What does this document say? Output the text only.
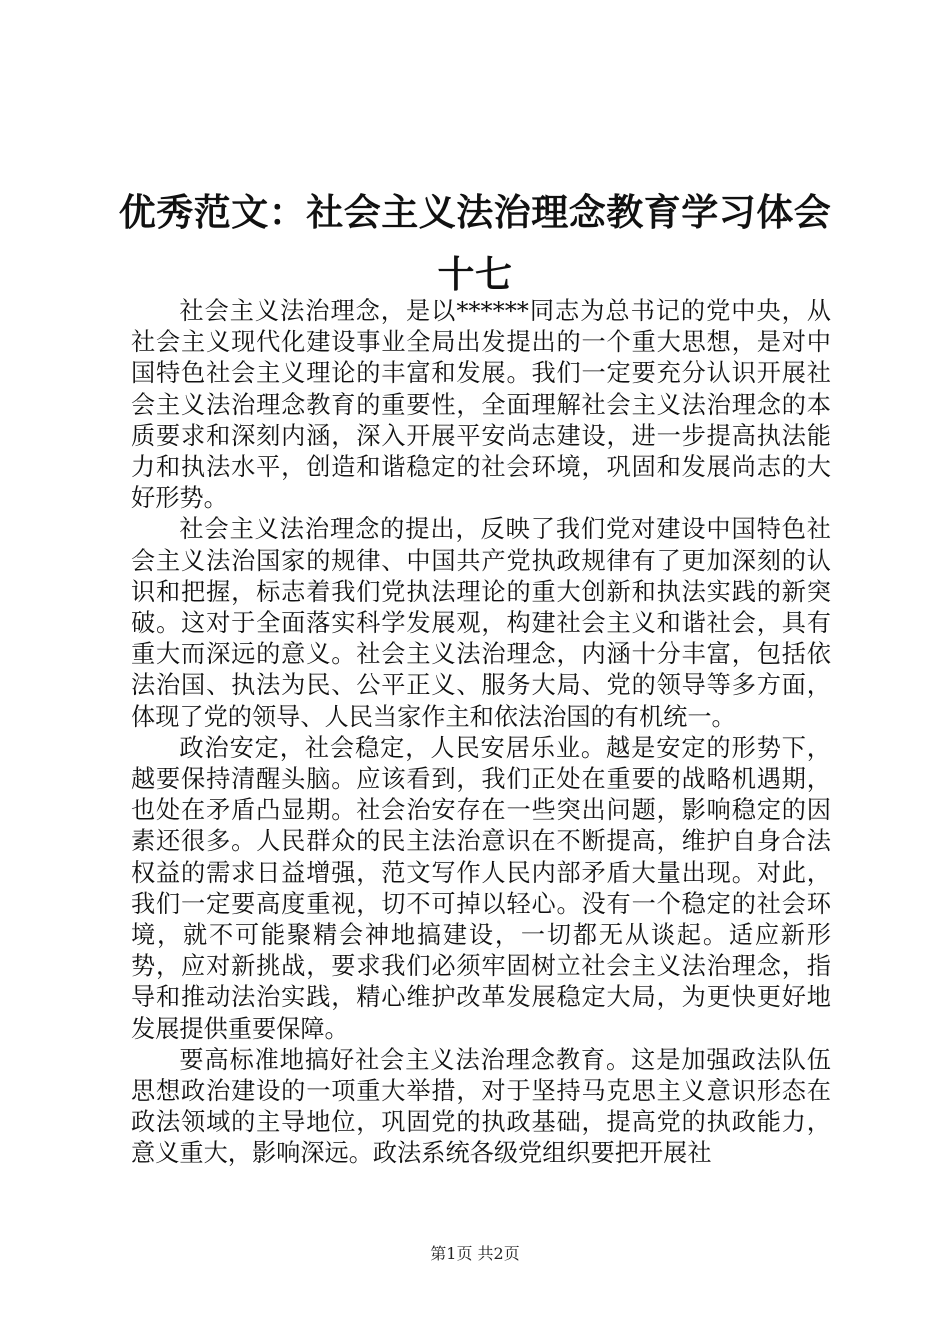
优秀范文：社会主义法治理念教育学习体会十七

社会主义法治理念，是以******同志为总书记的党中央，从社会主义现代化建设事业全局出发提出的一个重大思想，是对中国特色社会主义理论的丰富和发展。我们一定要充分认识开展社会主义法治理念教育的重要性，全面理解社会主义法治理念的本质要求和深刻内涵，深入开展平安尚志建设，进一步提高执法能力和执法水平，创造和谐稳定的社会环境，巩固和发展尚志的大好形势。

社会主义法治理念的提出，反映了我们党对建设中国特色社会主义法治国家的规律、中国共产党执政规律有了更加深刻的认识和把握，标志着我们党执法理论的重大创新和执法实践的新突破。这对于全面落实科学发展观，构建社会主义和谐社会，具有重大而深远的意义。社会主义法治理念，内涵十分丰富，包括依法治国、执法为民、公平正义、服务大局、党的领导等多方面，体现了党的领导、人民当家作主和依法治国的有机统一。

政治安定，社会稳定，人民安居乐业。越是安定的形势下，越要保持清醒头脑。应该看到，我们正处在重要的战略机遇期，也处在矛盾凸显期。社会治安存在一些突出问题，影响稳定的因素还很多。人民群众的民主法治意识在不断提高，维护自身合法权益的需求日益增强，范文写作人民内部矛盾大量出现。对此，我们一定要高度重视，切不可掉以轻心。没有一个稳定的社会环境，就不可能聚精会神地搞建设，一切都无从谈起。适应新形势，应对新挑战，要求我们必须牢固树立社会主义法治理念，指导和推动法治实践，精心维护改革发展稳定大局，为更快更好地发展提供重要保障。

要高标准地搞好社会主义法治理念教育。这是加强政法队伍思想政治建设的一项重大举措，对于坚持马克思主义意识形态在政法领域的主导地位，巩固党的执政基础，提高党的执政能力，意义重大，影响深远。政法系统各级党组织要把开展社

第1页 共2页
